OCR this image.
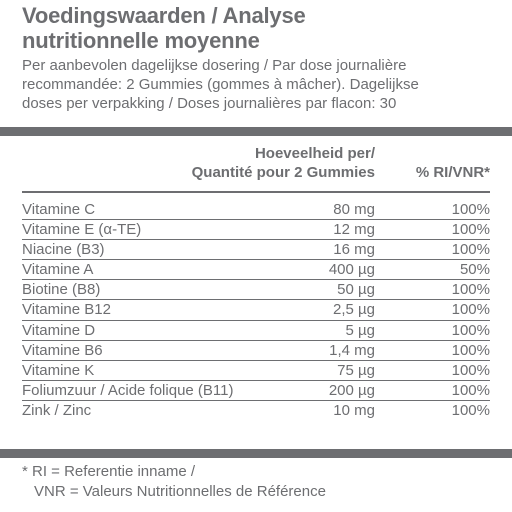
Voedingswaarden / Analyse
nutritionnelle moyenne
Per aanbevolen dagelijkse dosering / Par dose journalière
recommandée: 2 Gummies (gommes à mâcher). Dagelijkse
doses per verpakking / Doses journalières par flacon: 30
Hoeveelheid per/
Quantité pour 2 Gummies	% RI/VNR*
Vitamine C	80 mg	100%
Vitamine E (α-TE)	12 mg	100%
Niacine (B3)	16 mg	100%
Vitamine A	400 µg	50%
Biotine (B8)	50 µg	100%
Vitamine B12	2,5 µg	100%
Vitamine D	5 µg	100%
Vitamine B6	1,4 mg	100%
Vitamine K	75 µg	100%
Foliumzuur / Acide folique (B11)	200 µg	100%
Zink / Zinc	10 mg	100%
* RI = Referentie inname /
VNR = Valeurs Nutritionnelles de Référence
